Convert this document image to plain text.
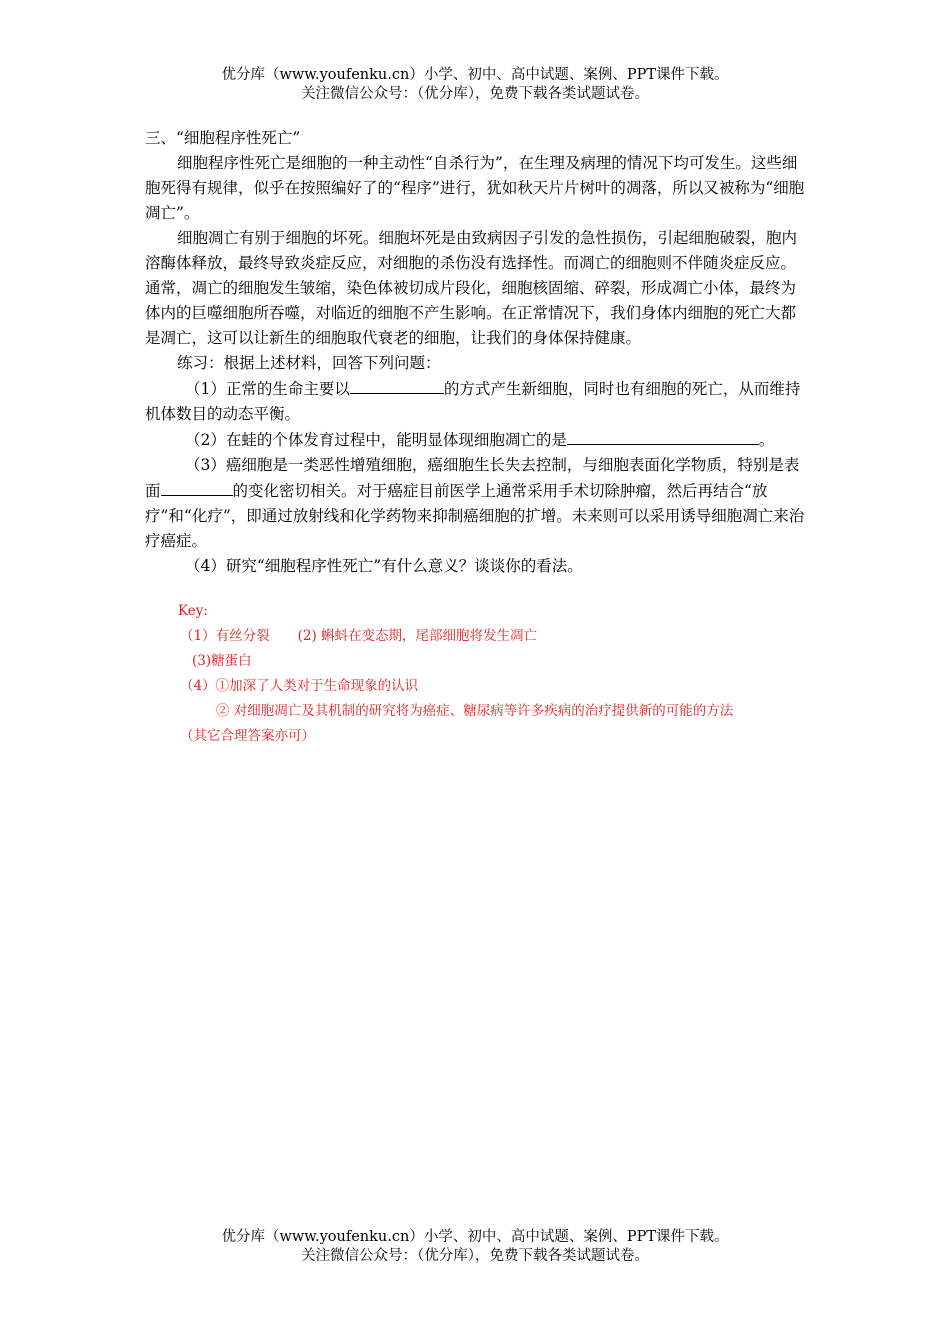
优分库（www.youfenku.cn）小学、初中、高中试题、案例、PPT课件下载。
关注微信公众号：（优分库），免费下载各类试题试卷。

三、“细胞程序性死亡”

细胞程序性死亡是细胞的一种主动性“自杀行为”，在生理及病理的情况下均可发生。这些细胞死得有规律，似乎在按照编好了的“程序”进行，犹如秋天片片树叶的凋落，所以又被称为“细胞凋亡”。

细胞凋亡有别于细胞的坏死。细胞坏死是由致病因子引发的急性损伤，引起细胞破裂，胞内溶酶体释放，最终导致炎症反应，对细胞的杀伤没有选择性。而凋亡的细胞则不伴随炎症反应。通常，凋亡的细胞发生皱缩，染色体被切成片段化，细胞核固缩、碎裂，形成凋亡小体，最终为体内的巨噬细胞所吞噬，对临近的细胞不产生影响。在正常情况下，我们身体内细胞的死亡大都是凋亡，这可以让新生的细胞取代衰老的细胞，让我们的身体保持健康。

练习：根据上述材料，回答下列问题：

（1）正常的生命主要以	的方式产生新细胞，同时也有细胞的死亡，从而维持机体数目的动态平衡。

（2）在蛙的个体发育过程中，能明显体现细胞凋亡的是	。

（3）癌细胞是一类恶性增殖细胞，癌细胞生长失去控制，与细胞表面化学物质，特别是表面	的变化密切相关。对于癌症目前医学上通常采用手术切除肿瘤，然后再结合“放疗”和“化疗”，即通过放射线和化学药物来抑制癌细胞的扩增。未来则可以采用诱导细胞凋亡来治疗癌症。

（4）研究“细胞程序性死亡”有什么意义？谈谈你的看法。

Key:

（1）有丝分裂 (2) 蝌蚪在变态期，尾部细胞将发生凋亡

(3)糖蛋白

（4）①加深了人类对于生命现象的认识

② 对细胞凋亡及其机制的研究将为癌症、糖尿病等许多疾病的治疗提供新的可能的方法

（其它合理答案亦可）

优分库（www.youfenku.cn）小学、初中、高中试题、案例、PPT课件下载。
关注微信公众号：（优分库），免费下载各类试题试卷。
